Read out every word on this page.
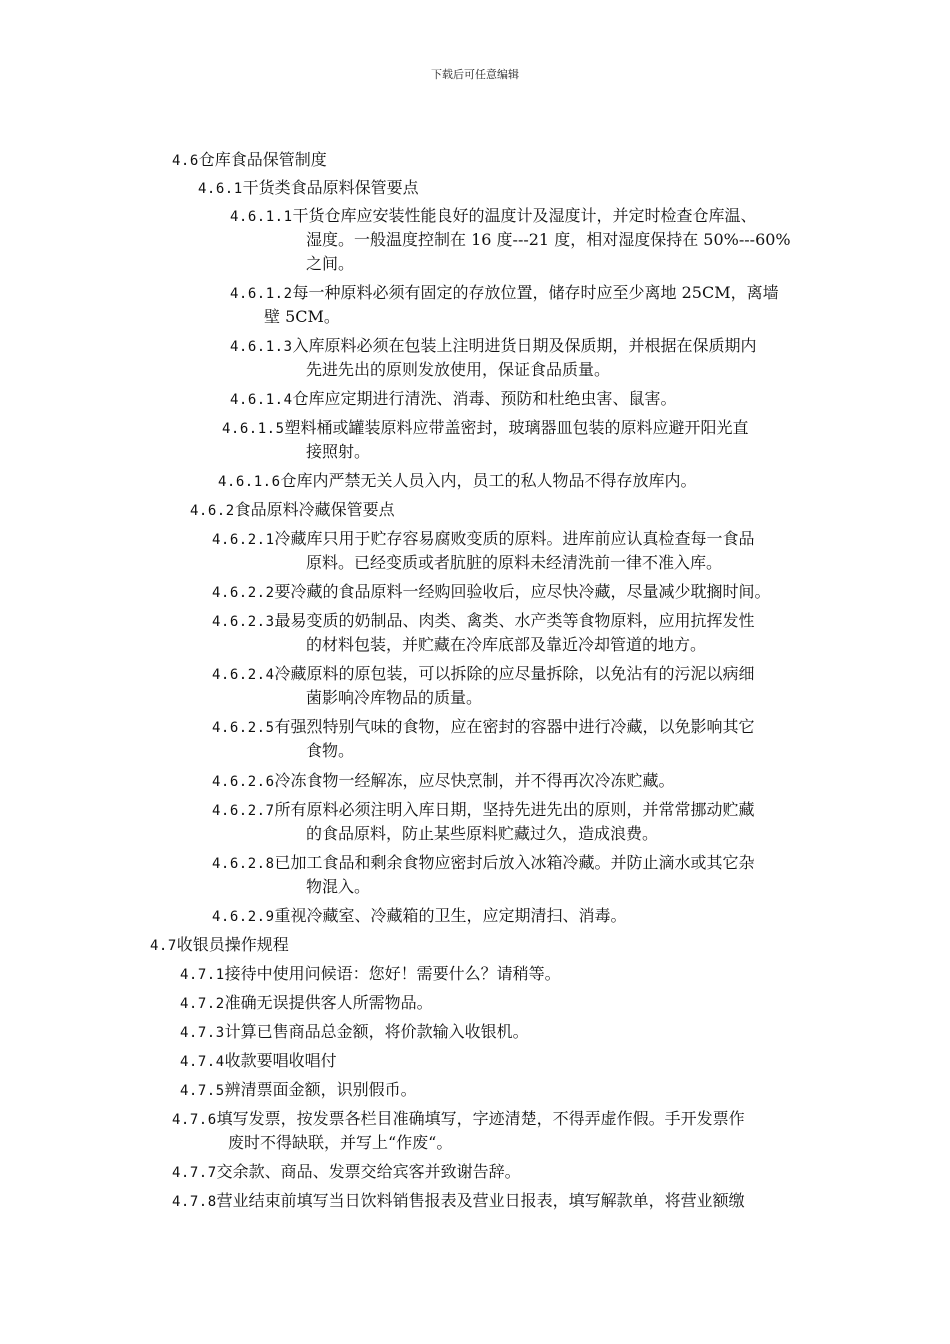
下载后可任意编辑
4.6仓库食品保管制度
4.6.1干货类食品原料保管要点
4.6.1.1干货仓库应安装性能良好的温度计及湿度计，并定时检查仓库温、
湿度。一般温度控制在 16 度---21 度，相对湿度保持在 50%---60%
之间。
4.6.1.2每一种原料必须有固定的存放位置，储存时应至少离地 25CM，离墙
壁 5CM。
4.6.1.3入库原料必须在包装上注明进货日期及保质期，并根据在保质期内
先进先出的原则发放使用，保证食品质量。
4.6.1.4仓库应定期进行清洗、消毒、预防和杜绝虫害、鼠害。
4.6.1.5塑料桶或罐装原料应带盖密封，玻璃器皿包装的原料应避开阳光直
接照射。
4.6.1.6仓库内严禁无关人员入内，员工的私人物品不得存放库内。
4.6.2食品原料冷藏保管要点
4.6.2.1冷藏库只用于贮存容易腐败变质的原料。进库前应认真检查每一食品
原料。已经变质或者肮脏的原料未经清洗前一律不准入库。
4.6.2.2要冷藏的食品原料一经购回验收后，应尽快冷藏，尽量减少耽搁时间。
4.6.2.3最易变质的奶制品、肉类、禽类、水产类等食物原料，应用抗挥发性
的材料包装，并贮藏在冷库底部及靠近冷却管道的地方。
4.6.2.4冷藏原料的原包装，可以拆除的应尽量拆除，以免沾有的污泥以病细
菌影响冷库物品的质量。
4.6.2.5有强烈特别气味的食物，应在密封的容器中进行冷藏，以免影响其它
食物。
4.6.2.6冷冻食物一经解冻，应尽快烹制，并不得再次冷冻贮藏。
4.6.2.7所有原料必须注明入库日期，坚持先进先出的原则，并常常挪动贮藏
的食品原料，防止某些原料贮藏过久，造成浪费。
4.6.2.8已加工食品和剩余食物应密封后放入冰箱冷藏。并防止滴水或其它杂
物混入。
4.6.2.9重视冷藏室、冷藏箱的卫生，应定期清扫、消毒。
4.7收银员操作规程
4.7.1接待中使用问候语：您好！需要什么？请稍等。
4.7.2准确无误提供客人所需物品。
4.7.3计算已售商品总金额，将价款输入收银机。
4.7.4收款要唱收唱付
4.7.5辨清票面金额，识别假币。
4.7.6填写发票，按发票各栏目准确填写，字迹清楚，不得弄虚作假。手开发票作
废时不得缺联，并写上“作废“。
4.7.7交余款、商品、发票交给宾客并致谢告辞。
4.7.8营业结束前填写当日饮料销售报表及营业日报表，填写解款单，将营业额缴
